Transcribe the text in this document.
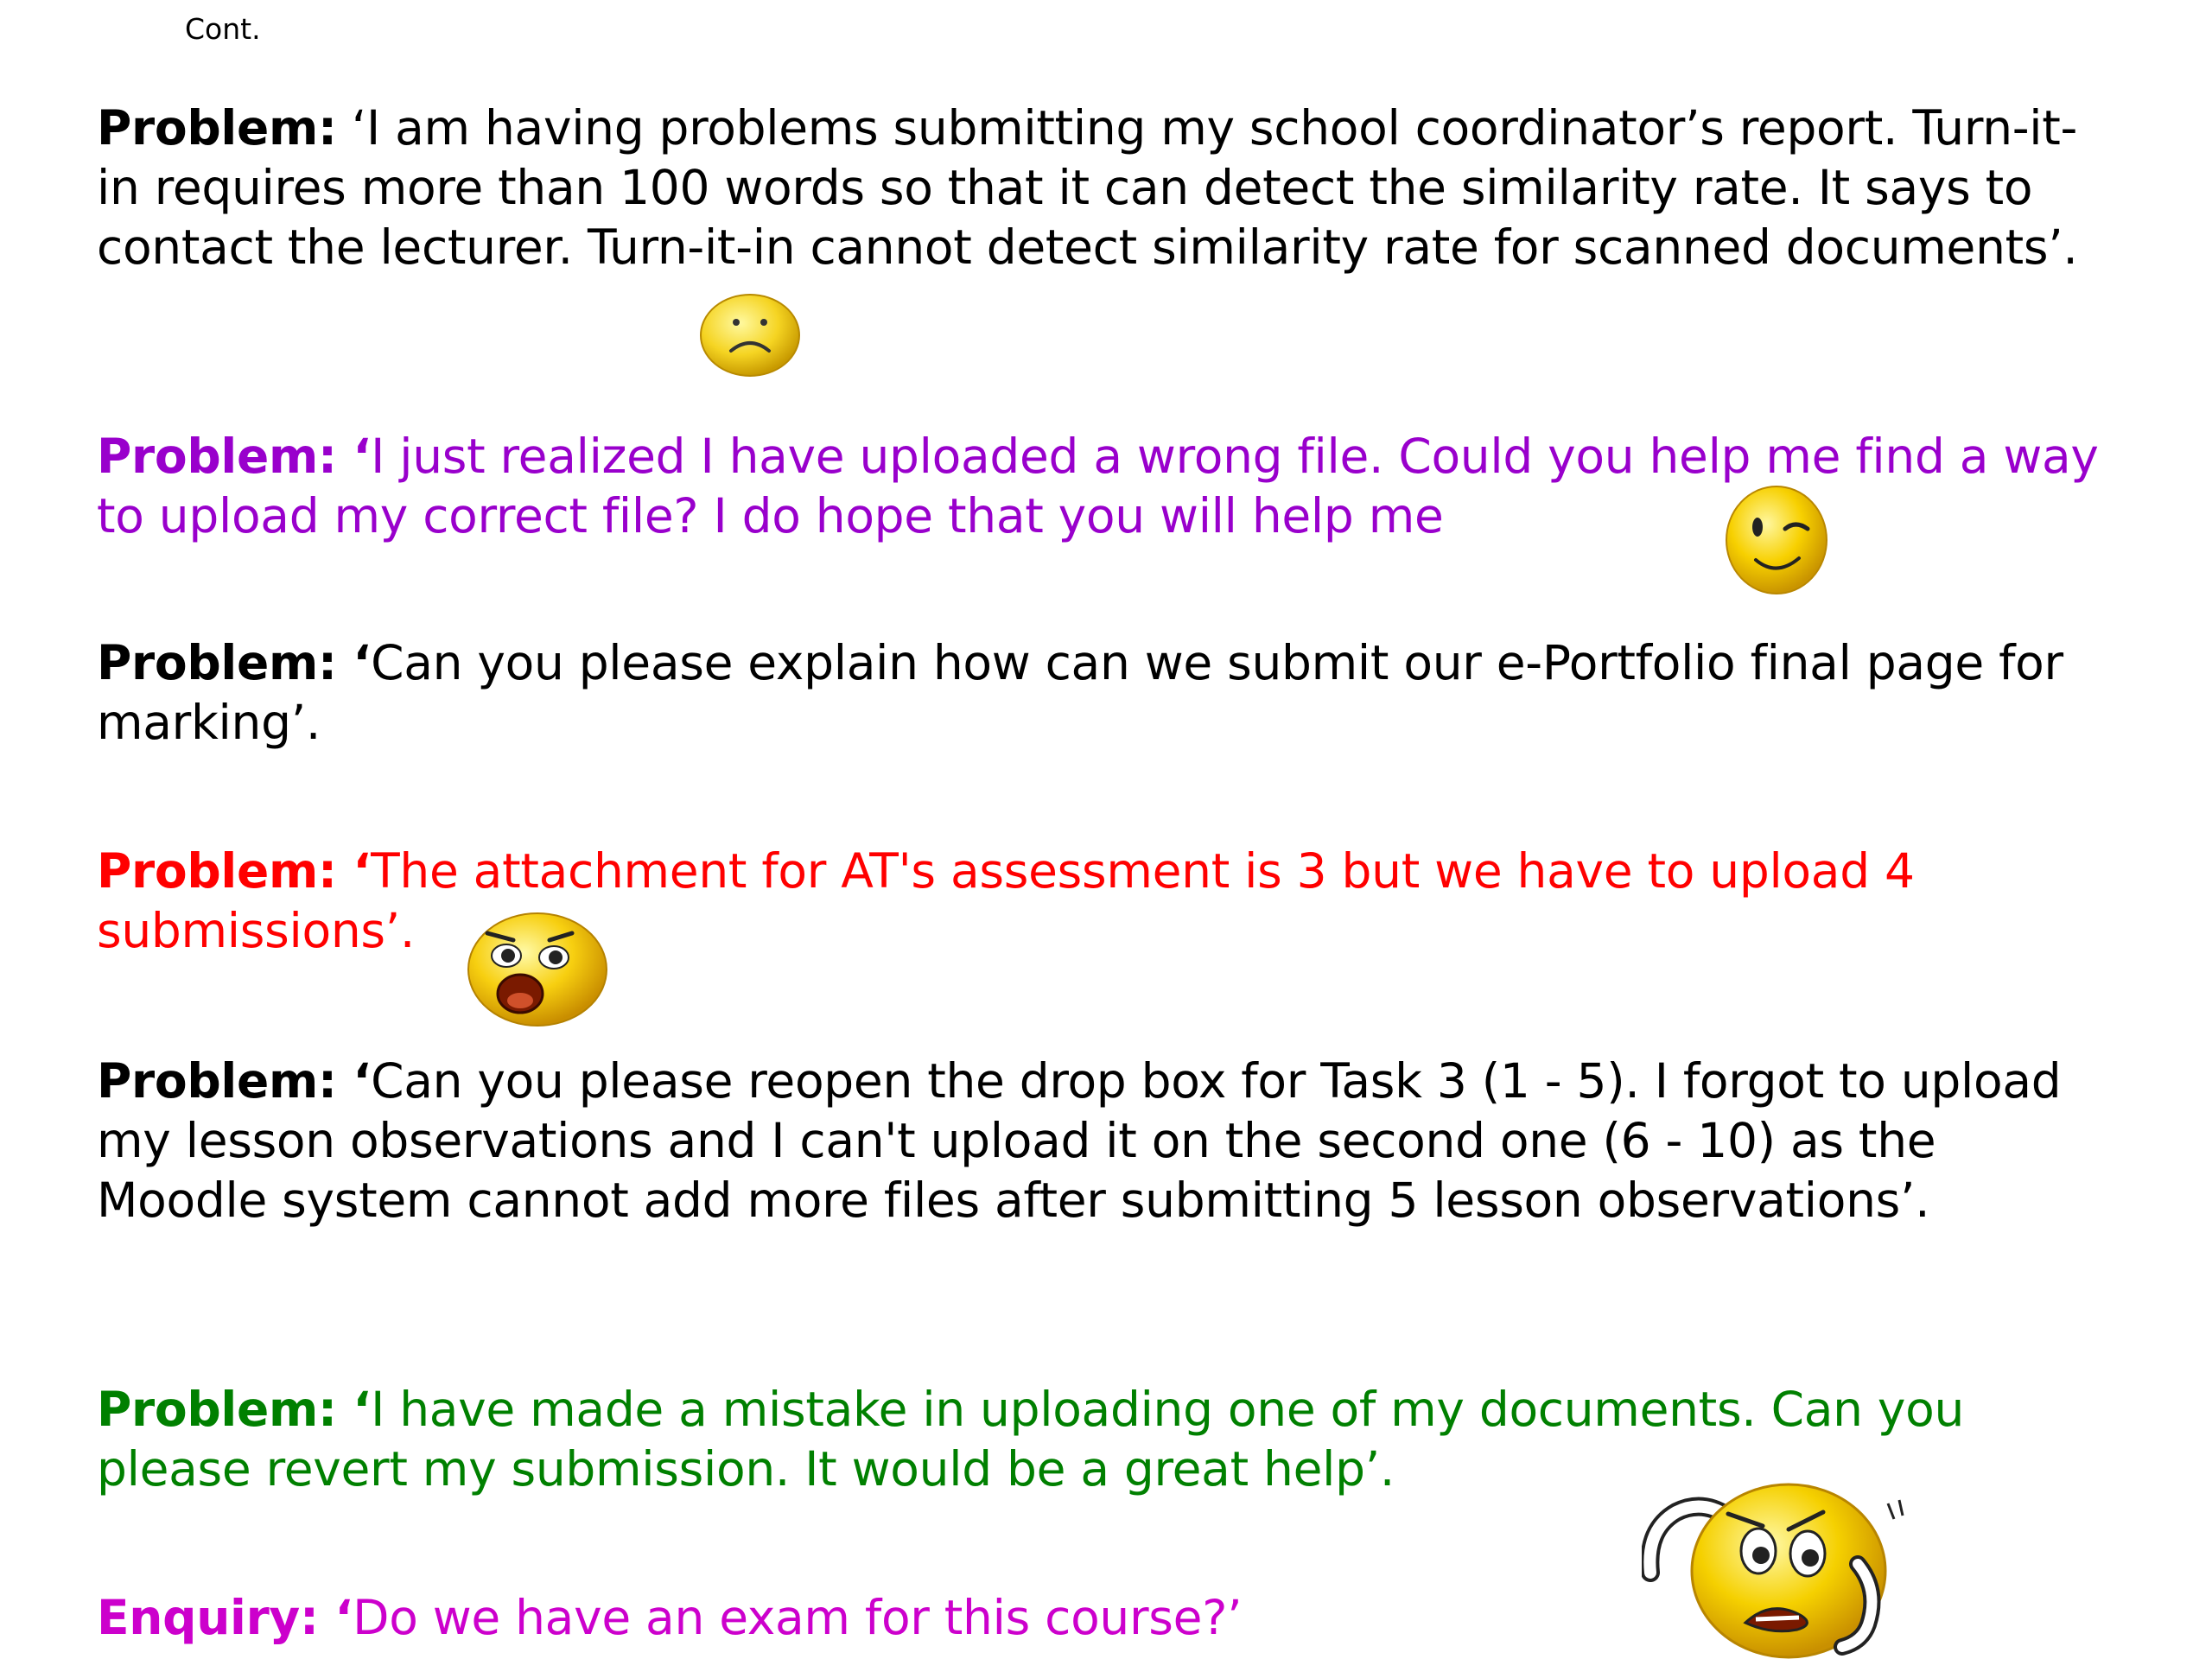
Cont.
Problem: ‘I am having problems submitting my school coordinator’s report. Turn-it-in requires more than 100 words so that it can detect the similarity rate. It says to contact the lecturer. Turn-it-in cannot detect similarity rate for scanned documents’.
Problem: ‘I just realized I have uploaded a wrong file. Could you help me find a way to upload my correct file? I do hope that you will help me
Problem: ‘Can you please explain how can we submit our e-Portfolio final page for marking’.
Problem: ‘The attachment for AT's assessment is 3 but we have to upload 4 submissions’.
Problem: ‘Can you please reopen the drop box for Task 3 (1 - 5). I forgot to upload my lesson observations and I can't upload it on the second one (6 - 10) as the Moodle system cannot add more files after submitting 5 lesson observations’.
Problem: ‘I have made a mistake in uploading one of my documents. Can you please revert my submission. It would be a great help’.
Enquiry: ‘Do we have an exam for this course?’
